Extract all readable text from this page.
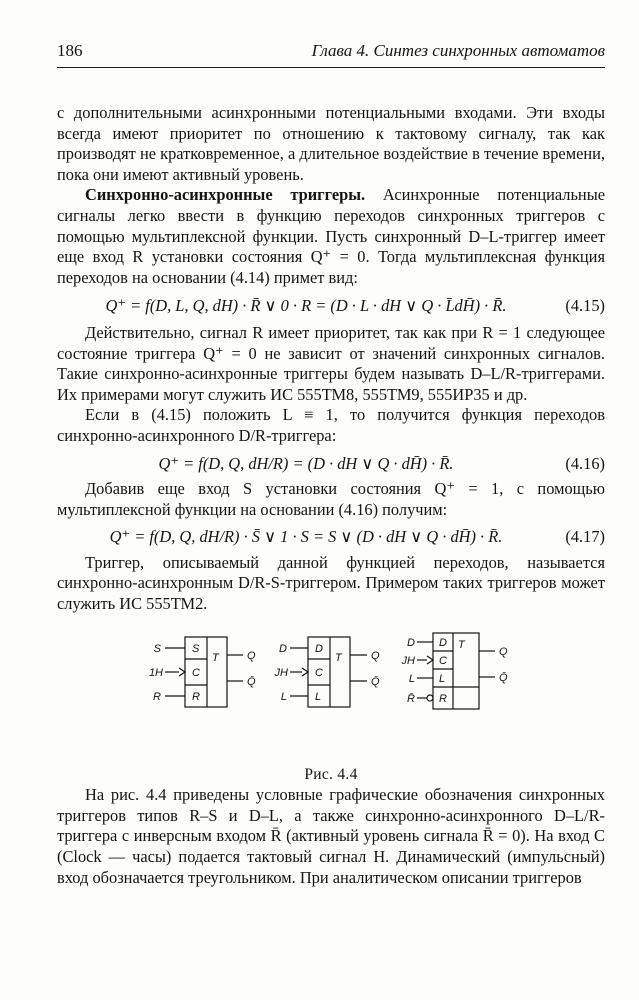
186	Глава 4. Синтез синхронных автоматов

с дополнительными асинхронными потенциальными входами. Эти входы всегда имеют приоритет по отношению к тактовому сигналу, так как производят не кратковременное, а длительное воздействие в течение времени, пока они имеют активный уровень.

Синхронно-асинхронные триггеры. Асинхронные потенциальные сигналы легко ввести в функцию переходов синхронных триггеров с помощью мультиплексной функции. Пусть синхронный D–L-триггер имеет еще вход R установки состояния Q⁺ = 0. Тогда мультиплексная функция переходов на основании (4.14) примет вид:

Q⁺ = f(D, L, Q, dH) · R̄ ∨ 0 · R = (D · L · dH ∨ Q · L̄dH̄) · R̄.	(4.15)

Действительно, сигнал R имеет приоритет, так как при R = 1 следующее состояние триггера Q⁺ = 0 не зависит от значений синхронных сигналов. Такие синхронно-асинхронные триггеры будем называть D–L/R-триггерами. Их примерами могут служить ИС 555ТМ8, 555ТМ9, 555ИР35 и др.

Если в (4.15) положить L ≡ 1, то получится функция переходов синхронно-асинхронного D/R-триггера:

Q⁺ = f(D, Q, dH/R) = (D · dH ∨ Q · dH̄) · R̄.	(4.16)

Добавив еще вход S установки состояния Q⁺ = 1, с помощью мультиплексной функции на основании (4.16) получим:

Q⁺ = f(D, Q, dH/R) · S̄ ∨ 1 · S = S ∨ (D · dH ∨ Q · dH̄) · R̄.	(4.17)

Триггер, описываемый данной функцией переходов, называется синхронно-асинхронным D/R-S-триггером. Примером таких триггеров может служить ИС 555ТМ2.

S
1H
R
S
C
R
T	Q
Q̄
D
JH
L
D
C
L
T	Q
Q̄
D
JH
L
R̄
D
C
L
R
T
Q
Q̄
Рис. 4.4

На рис. 4.4 приведены условные графические обозначения синхронных триггеров типов R–S и D–L, а также синхронно-асинхронного D–L/R-триггера с инверсным входом R̄ (активный уровень сигнала R̄ = 0). На вход C (Clock — часы) подается тактовый сигнал H. Динамический (импульсный) вход обозначается треугольником. При аналитическом описании триггеров
